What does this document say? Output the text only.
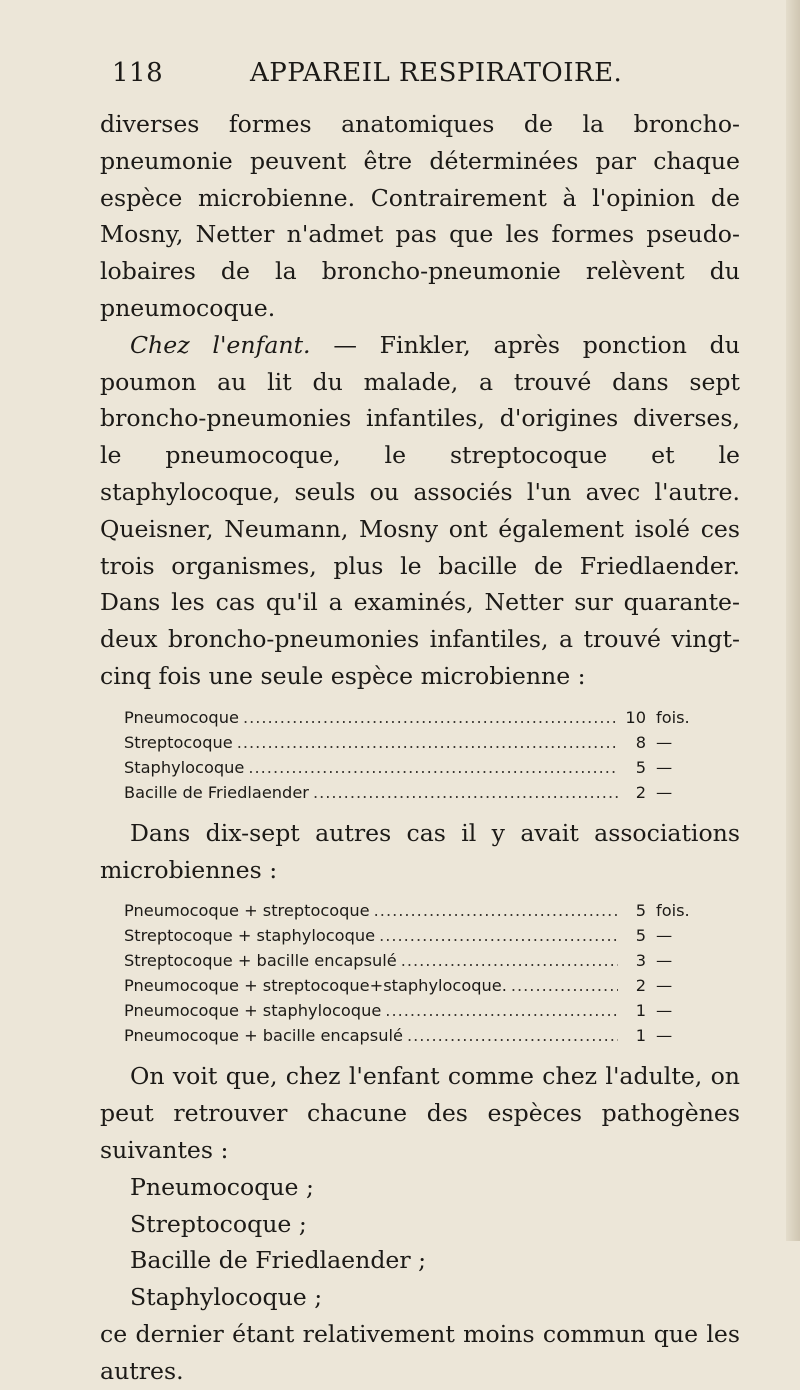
118	APPAREIL RESPIRATOIRE.

diverses formes anatomiques de la broncho-pneumonie peuvent être déterminées par chaque espèce microbienne. Contrairement à l'opinion de Mosny, Netter n'admet pas que les formes pseudo-lobaires de la broncho-pneumonie relèvent du pneumocoque.

Chez l'enfant. — Finkler, après ponction du poumon au lit du malade, a trouvé dans sept broncho-pneumonies infantiles, d'origines diverses, le pneumocoque, le streptocoque et le staphylocoque, seuls ou associés l'un avec l'autre. Queisner, Neumann, Mosny ont également isolé ces trois organismes, plus le bacille de Friedlaender. Dans les cas qu'il a examinés, Netter sur quarante-deux broncho-pneumonies infantiles, a trouvé vingt-cinq fois une seule espèce microbienne :

Pneumocoque .....	10 fois.
Streptocoque .....	8 —
Staphylocoque .....	5 —
Bacille de Friedlaender .....	2 —

Dans dix-sept autres cas il y avait associations microbiennes :

Pneumocoque + streptocoque .....	5 fois.
Streptocoque + staphylocoque .....	5 —
Streptocoque + bacille encapsulé .....	3 —
Pneumocoque + streptocoque+staphylocoque. .....	2 —
Pneumocoque + staphylocoque .....	1 —
Pneumocoque + bacille encapsulé .....	1 —

On voit que, chez l'enfant comme chez l'adulte, on peut retrouver chacune des espèces pathogènes suivantes :

Pneumocoque ;

Streptocoque ;

Bacille de Friedlaender ;

Staphylocoque ;

ce dernier étant relativement moins commun que les autres.
